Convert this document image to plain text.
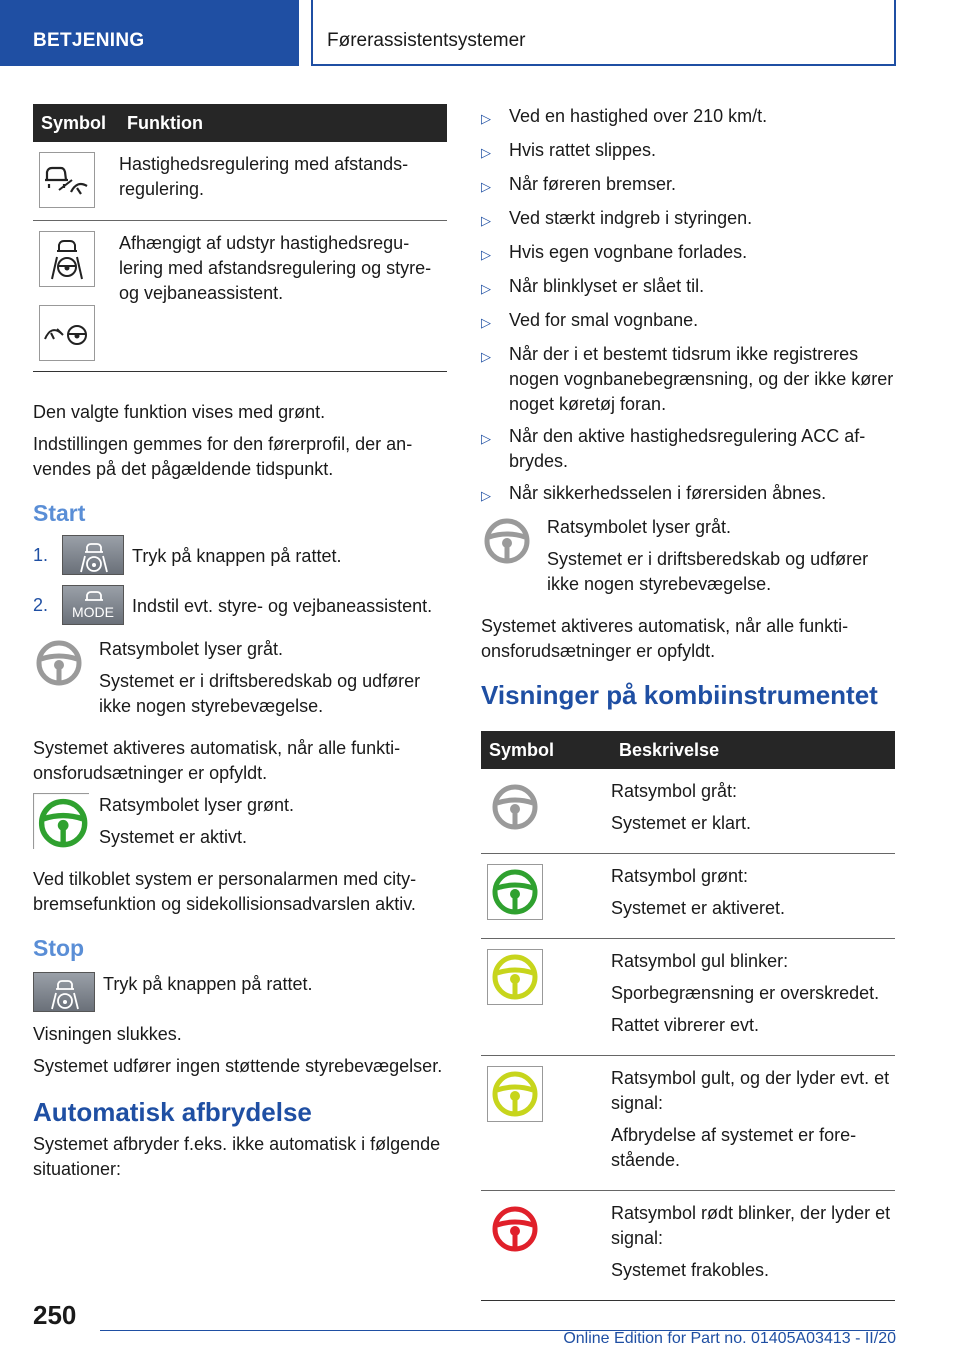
BETJENING	Førerassistentsystemer
Symbol	Funktion

	Hastighedsregulering med afstandsregulering.

	Afhængigt af udstyr hastighedsregulering med afstandsregulering og styre- og vejbaneassistent.
Den valgte funktion vises med grønt.
Indstillingen gemmes for den førerprofil, der anvendes på det pågældende tidspunkt.
Start
1.	Tryk på knappen på rattet.
2.	MODE	Indstil evt. styre- og vejbaneassistent.
Ratsymbolet lyser gråt.
Systemet er i driftsberedskab og udfører ikke nogen styrebevægelse.
Systemet aktiveres automatisk, når alle funktionsforudsætninger er opfyldt.
Ratsymbolet lyser grønt.
Systemet er aktivt.
Ved tilkoblet system er personalarmen med city-bremsefunktion og sidekollisionsadvarslen aktiv.
Stop
Tryk på knappen på rattet.
Visningen slukkes.
Systemet udfører ingen støttende styrebevægelser.
Automatisk afbrydelse
Systemet afbryder f.eks. ikke automatisk i følgende situationer:
▷	Ved en hastighed over 210 km/t.
▷	Hvis rattet slippes.
▷	Når føreren bremser.
▷	Ved stærkt indgreb i styringen.
▷	Hvis egen vognbane forlades.
▷	Når blinklyset er slået til.
▷	Ved for smal vognbane.
▷	Når der i et bestemt tidsrum ikke registreres nogen vognbanebegrænsning, og der ikke kører noget køretøj foran.
▷	Når den aktive hastighedsregulering ACC afbrydes.
▷	Når sikkerhedsselen i førersiden åbnes.
Ratsymbolet lyser gråt.
Systemet er i driftsberedskab og udfører ikke nogen styrebevægelse.
Systemet aktiveres automatisk, når alle funktionsforudsætninger er opfyldt.
Visninger på kombiinstrumentet
Symbol	Beskrivelse

Ratsymbol gråt:
Systemet er klart.

Ratsymbol grønt:
Systemet er aktiveret.

Ratsymbol gul blinker:
Sporbegrænsning er overskredet.
Rattet vibrerer evt.

Ratsymbol gult, og der lyder evt. et signal:
Afbrydelse af systemet er forestående.

Ratsymbol rødt blinker, der lyder et signal:
Systemet frakobles.
250
Online Edition for Part no. 01405A03413 - II/20
